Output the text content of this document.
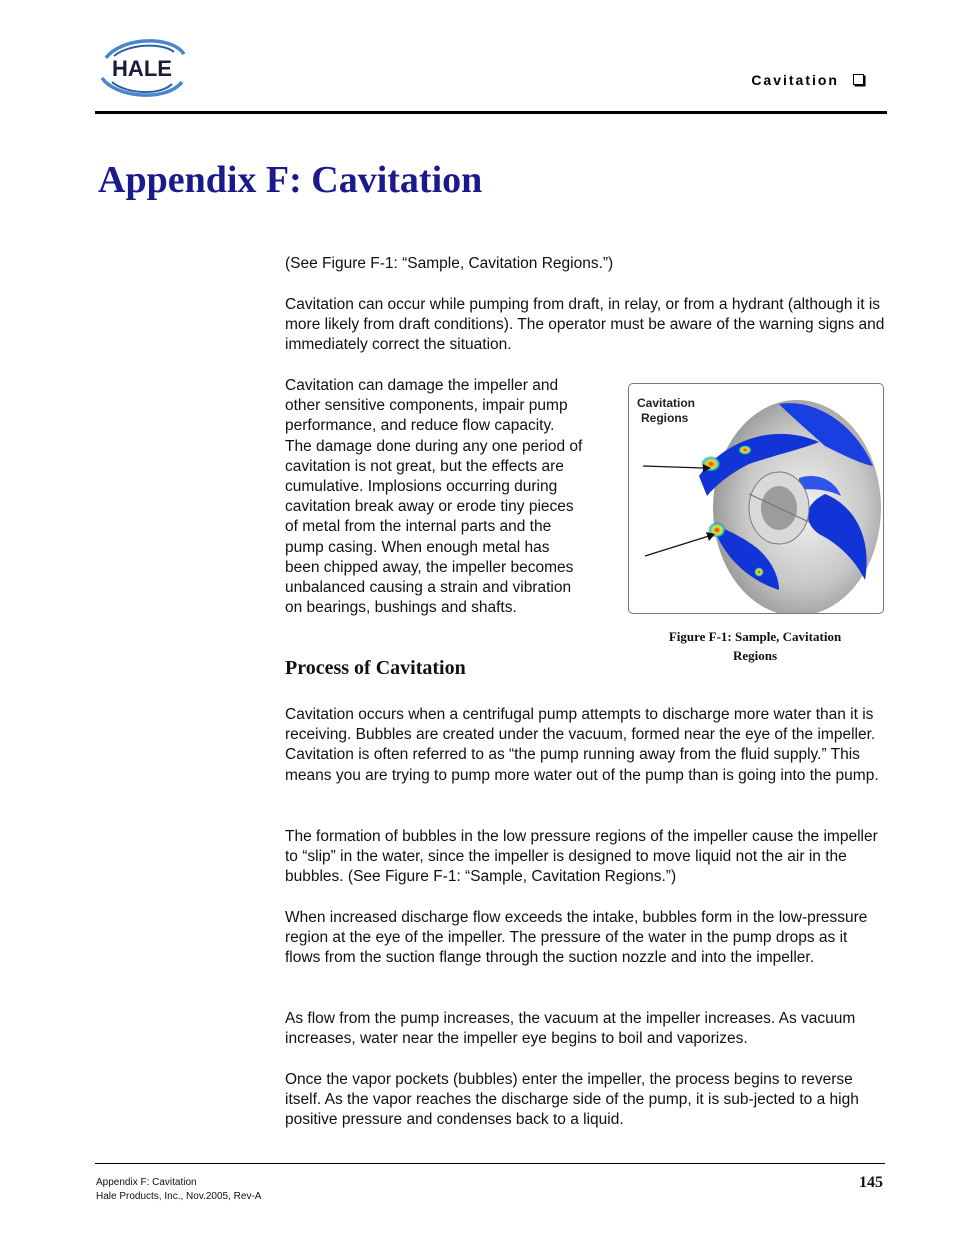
HALE	Cavitation
Appendix F: Cavitation

(See Figure F-1: “Sample, Cavitation Regions.”)

Cavitation can occur while pumping from draft, in relay, or from a hydrant (although it is more likely from draft conditions). The operator must be aware of the warning signs and immediately correct the situation.

Cavitation can damage the impeller and
other sensitive components, impair pump
performance, and reduce flow capacity.
The damage done during any one period of
cavitation is not great, but the effects are
cumulative. Implosions occurring during
cavitation break away or erode tiny pieces
of metal from the internal parts and the
pump casing. When enough metal has
been chipped away, the impeller becomes
unbalanced causing a strain and vibration
on bearings, bushings and shafts.
Cavitation
Regions
Figure F-1: Sample, Cavitation
Regions
Process of Cavitation

Cavitation occurs when a centrifugal pump attempts to discharge more water than it is receiving. Bubbles are created under the vacuum, formed near the eye of the impeller. Cavitation is often referred to as “the pump running away from the fluid supply.” This means you are trying to pump more water out of the pump than is going into the pump.

The formation of bubbles in the low pressure regions of the impeller cause the impeller to “slip” in the water, since the impeller is designed to move liquid not the air in the bubbles. (See Figure F-1: “Sample, Cavitation Regions.”)

When increased discharge flow exceeds the intake, bubbles form in the low-pressure region at the eye of the impeller. The pressure of the water in the pump drops as it flows from the suction flange through the suction nozzle and into the impeller.

As flow from the pump increases, the vacuum at the impeller increases. As vacuum increases, water near the impeller eye begins to boil and vaporizes.

Once the vapor pockets (bubbles) enter the impeller, the process begins to reverse itself. As the vapor reaches the discharge side of the pump, it is sub-jected to a high positive pressure and condenses back to a liquid.

Appendix F: Cavitation
Hale Products, Inc., Nov.2005, Rev-A
145
